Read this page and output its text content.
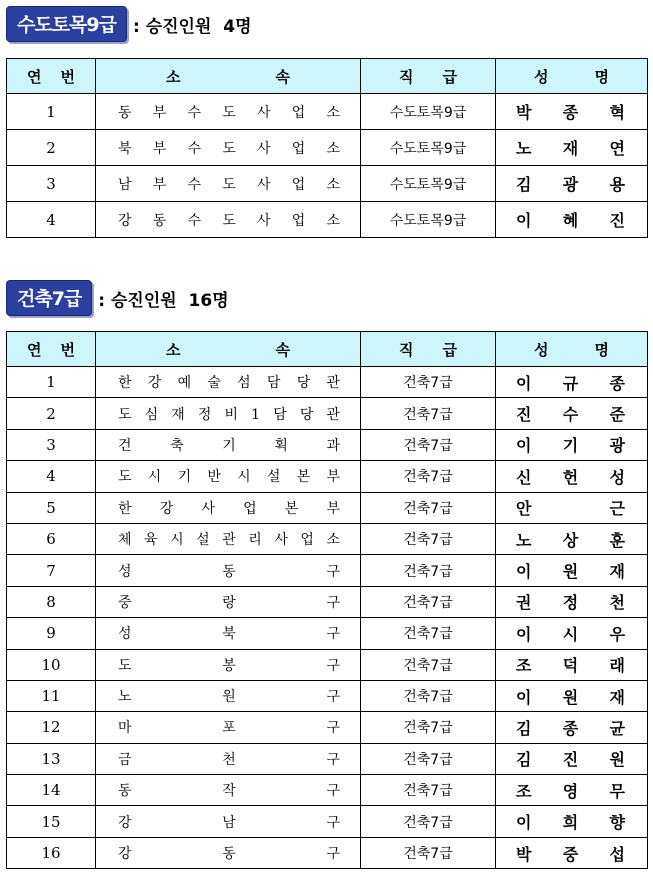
수도토목9급	: 승진인원  4명
연 번	소 속	직 급	성 명

1	동 부 수 도 사 업 소	수도토목9급	박 종 혁

2	북 부 수 도 사 업 소	수도토목9급	노 재 연

3	남 부 수 도 사 업 소	수도토목9급	김 광 용

4	강 동 수 도 사 업 소	수도토목9급	이 혜 진
건축7급	: 승진인원  16명
연 번	소 속	직 급	성 명

1	한 강 예 술 섬 담 당 관	건축7급	이 규 종

2	도 심 재 정 비 1 담 당 관	건축7급	진 수 준

3	건 축 기 획 과	건축7급	이 기 광

4	도 시 기 반 시 설 본 부	건축7급	신 헌 성

5	한 강 사 업 본 부	건축7급	안 근

6	체 육 시 설 관 리 사 업 소	건축7급	노 상 훈

7	성 동 구	건축7급	이 원 재

8	중 랑 구	건축7급	권 정 천

9	성 북 구	건축7급	이 시 우

10	도 봉 구	건축7급	조 덕 래

11	노 원 구	건축7급	이 원 재

12	마 포 구	건축7급	김 종 균

13	금 천 구	건축7급	김 진 원

14	동 작 구	건축7급	조 영 무

15	강 남 구	건축7급	이 희 향

16	강 동 구	건축7급	박 중 섭
